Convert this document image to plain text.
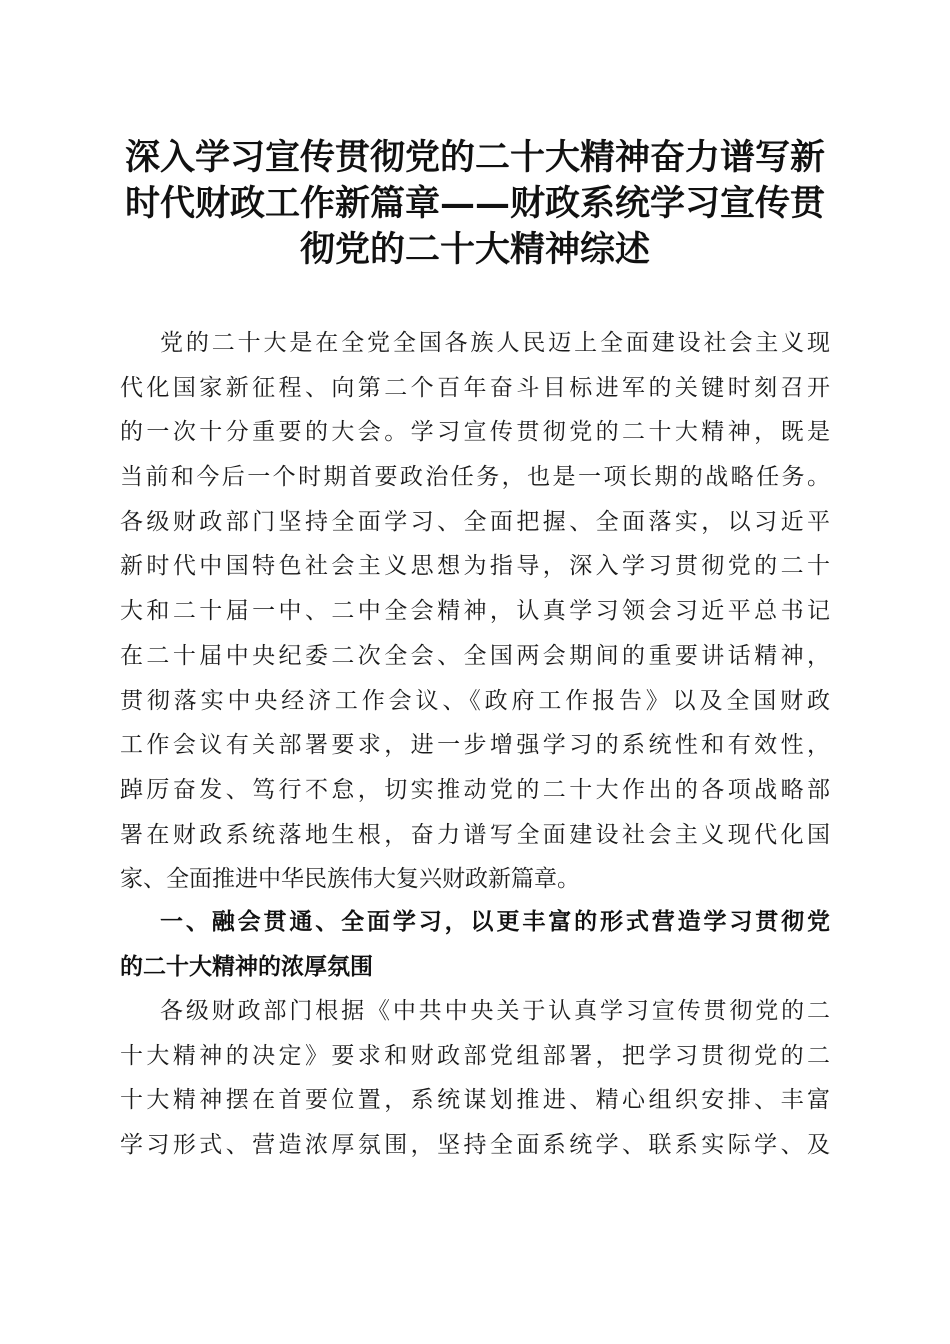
深入学习宣传贯彻党的二十大精神奋力谱写新
时代财政工作新篇章——财政系统学习宣传贯
彻党的二十大精神综述
党的二十大是在全党全国各族人民迈上全面建设社会主义现
代化国家新征程、向第二个百年奋斗目标进军的关键时刻召开
的一次十分重要的大会。学习宣传贯彻党的二十大精神，既是
当前和今后一个时期首要政治任务，也是一项长期的战略任务。
各级财政部门坚持全面学习、全面把握、全面落实，以习近平
新时代中国特色社会主义思想为指导，深入学习贯彻党的二十
大和二十届一中、二中全会精神，认真学习领会习近平总书记
在二十届中央纪委二次全会、全国两会期间的重要讲话精神，
贯彻落实中央经济工作会议、《政府工作报告》以及全国财政
工作会议有关部署要求，进一步增强学习的系统性和有效性，
踔厉奋发、笃行不怠，切实推动党的二十大作出的各项战略部
署在财政系统落地生根，奋力谱写全面建设社会主义现代化国
家、全面推进中华民族伟大复兴财政新篇章。
一、融会贯通、全面学习，以更丰富的形式营造学习贯彻党
的二十大精神的浓厚氛围
各级财政部门根据《中共中央关于认真学习宣传贯彻党的二
十大精神的决定》要求和财政部党组部署，把学习贯彻党的二
十大精神摆在首要位置，系统谋划推进、精心组织安排、丰富
学习形式、营造浓厚氛围，坚持全面系统学、联系实际学、及
